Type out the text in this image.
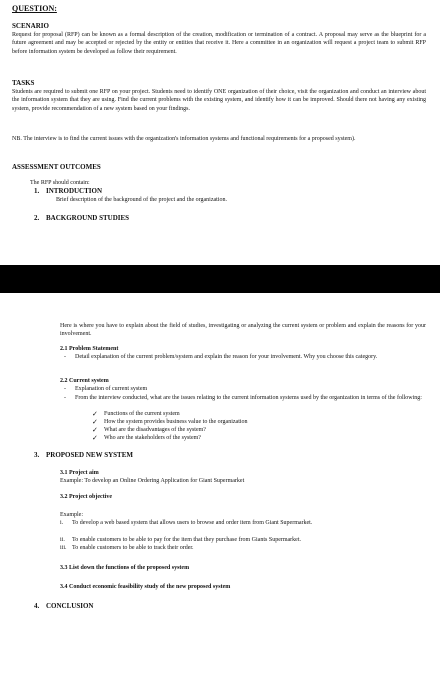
QUESTION:
SCENARIO
Request for proposal (RFP) can be known as a formal description of the creation, modification or termination of a contract. A proposal may serve as the blueprint for a future agreement and may be accepted or rejected by the entity or entities that receive it. Here a committee in an organization will request a project team to submit RFP before information system be developed as follow their requirement.
TASKS
Students are required to submit one RFP on your project. Students need to identify ONE organization of their choice, visit the organization and conduct an interview about the information system that they are using. Find the current problems with the existing system, and identify how it can be improved. Should there not having any existing system, provide recommendation of a new system based on your findings.
NB. The interview is to find the current issues with the organization's information systems and functional requirements for a proposed system).
ASSESSMENT OUTCOMES
The RFP should contain:
1. INTRODUCTION
Brief description of the background of the project and the organization.
2. BACKGROUND STUDIES
Here is where you have to explain about the field of studies, investigating or analyzing the current system or problem and explain the reasons for your involvement.
2.1 Problem Statement
- Detail explanation of the current problem/system and explain the reason for your involvement. Why you choose this category.
2.2 Current system
- Explanation of current system
- From the interview conducted, what are the issues relating to the current information systems used by the organization in terms of the following:
✓ Functions of the current system
✓ How the system provides business value to the organization
✓ What are the disadvantages of the system?
✓ Who are the stakeholders of the system?
3. PROPOSED NEW SYSTEM
3.1 Project aim
Example: To develop an Online Ordering Application for Giant Supermarket
3.2 Project objective
Example:
i. To develop a web based system that allows users to browse and order item from Giant Supermarket.
ii. To enable customers to be able to pay for the item that they purchase from Giants Supermarket.
iii. To enable customers to be able to track their order.
3.3 List down the functions of the proposed system
3.4 Conduct economic feasibility study of the new proposed system
4. CONCLUSION
